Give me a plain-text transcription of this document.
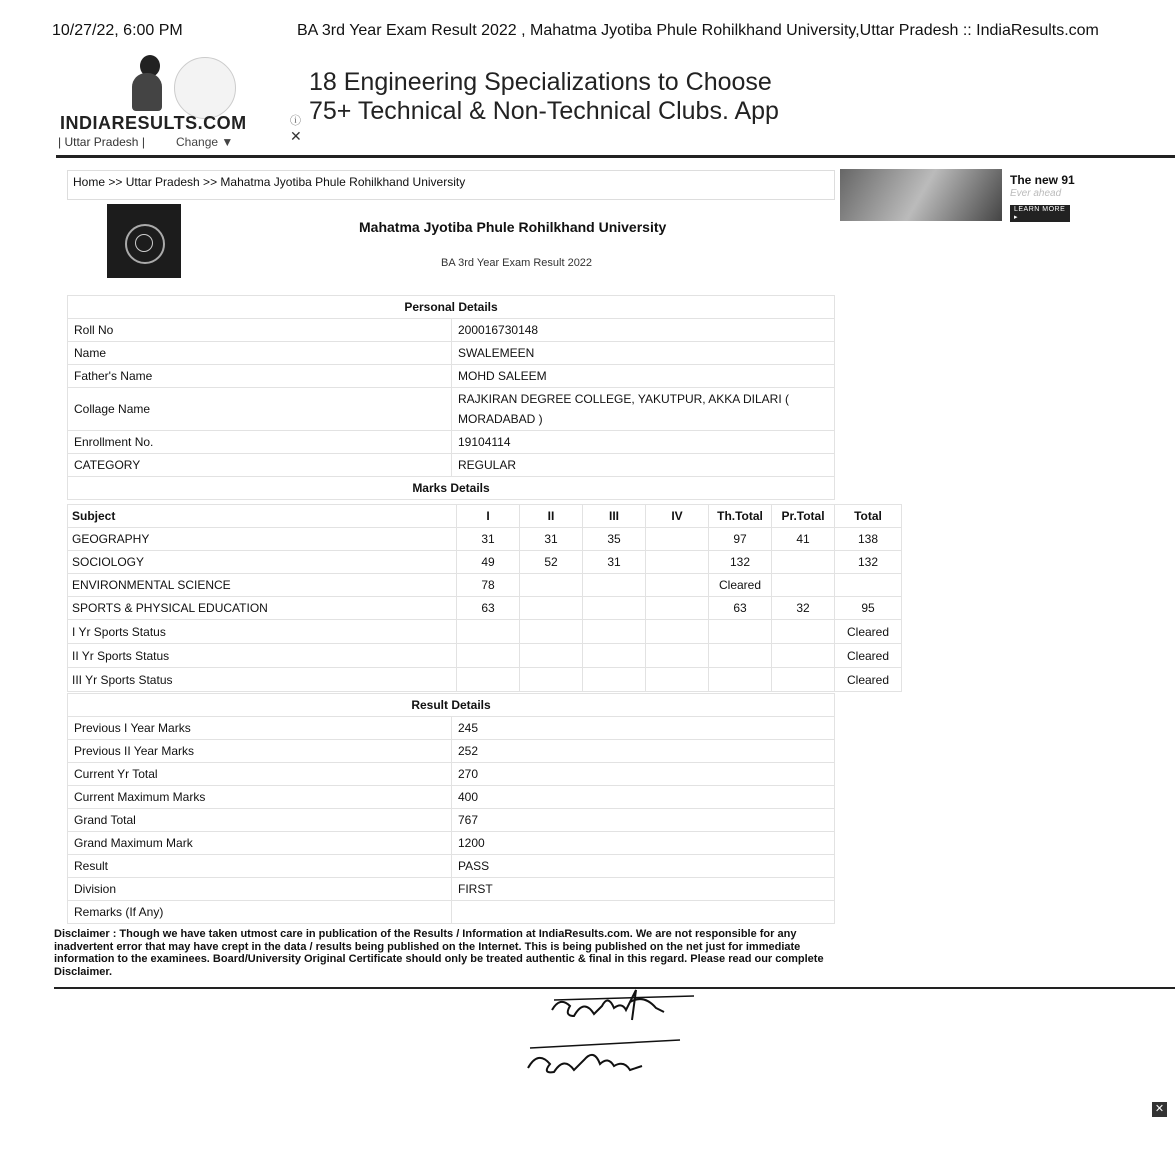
10/27/22, 6:00 PM	BA 3rd Year Exam Result 2022 , Mahatma Jyotiba Phule Rohilkhand University,Uttar Pradesh :: IndiaResults.com
INDIARESULTS.COM
| Uttar Pradesh |	Change ▼
18 Engineering Specializations to Choose
75+ Technical & Non-Technical Clubs. App
ⓘ
✕
The new 91
Ever ahead
LEARN MORE ▸
Home >> Uttar Pradesh >> Mahatma Jyotiba Phule Rohilkhand University
Mahatma Jyotiba Phule Rohilkhand University
BA 3rd Year Exam Result 2022
Personal Details	
Roll No	200016730148
Name	SWALEMEEN
Father's Name	MOHD SALEEM
Collage Name	RAJKIRAN DEGREE COLLEGE, YAKUTPUR, AKKA DILARI ( MORADABAD )
Enrollment No.	19104114
CATEGORY	REGULAR
Marks Details	
Subject	I	II	III	IV	Th.Total	Pr.Total	Total
GEOGRAPHY	31	31	35		97	41	138
SOCIOLOGY	49	52	31		132		132
ENVIRONMENTAL SCIENCE	78				Cleared		
SPORTS & PHYSICAL EDUCATION	63				63	32	95
I Yr Sports Status							Cleared
II Yr Sports Status							Cleared
III Yr Sports Status							Cleared
Result Details	
Previous I Year Marks	245
Previous II Year Marks	252
Current Yr Total	270
Current Maximum Marks	400
Grand Total	767
Grand Maximum Mark	1200
Result	PASS
Division	FIRST
Remarks (If Any)	
Disclaimer : Though we have taken utmost care in publication of the Results / Information at IndiaResults.com. We are not responsible for any inadvertent error that may have crept in the data / results being published on the Internet. This is being published on the net just for immediate information to the examinees. Board/University Original Certificate should only be treated authentic & final in this regard. Please read our complete Disclaimer.
✕
